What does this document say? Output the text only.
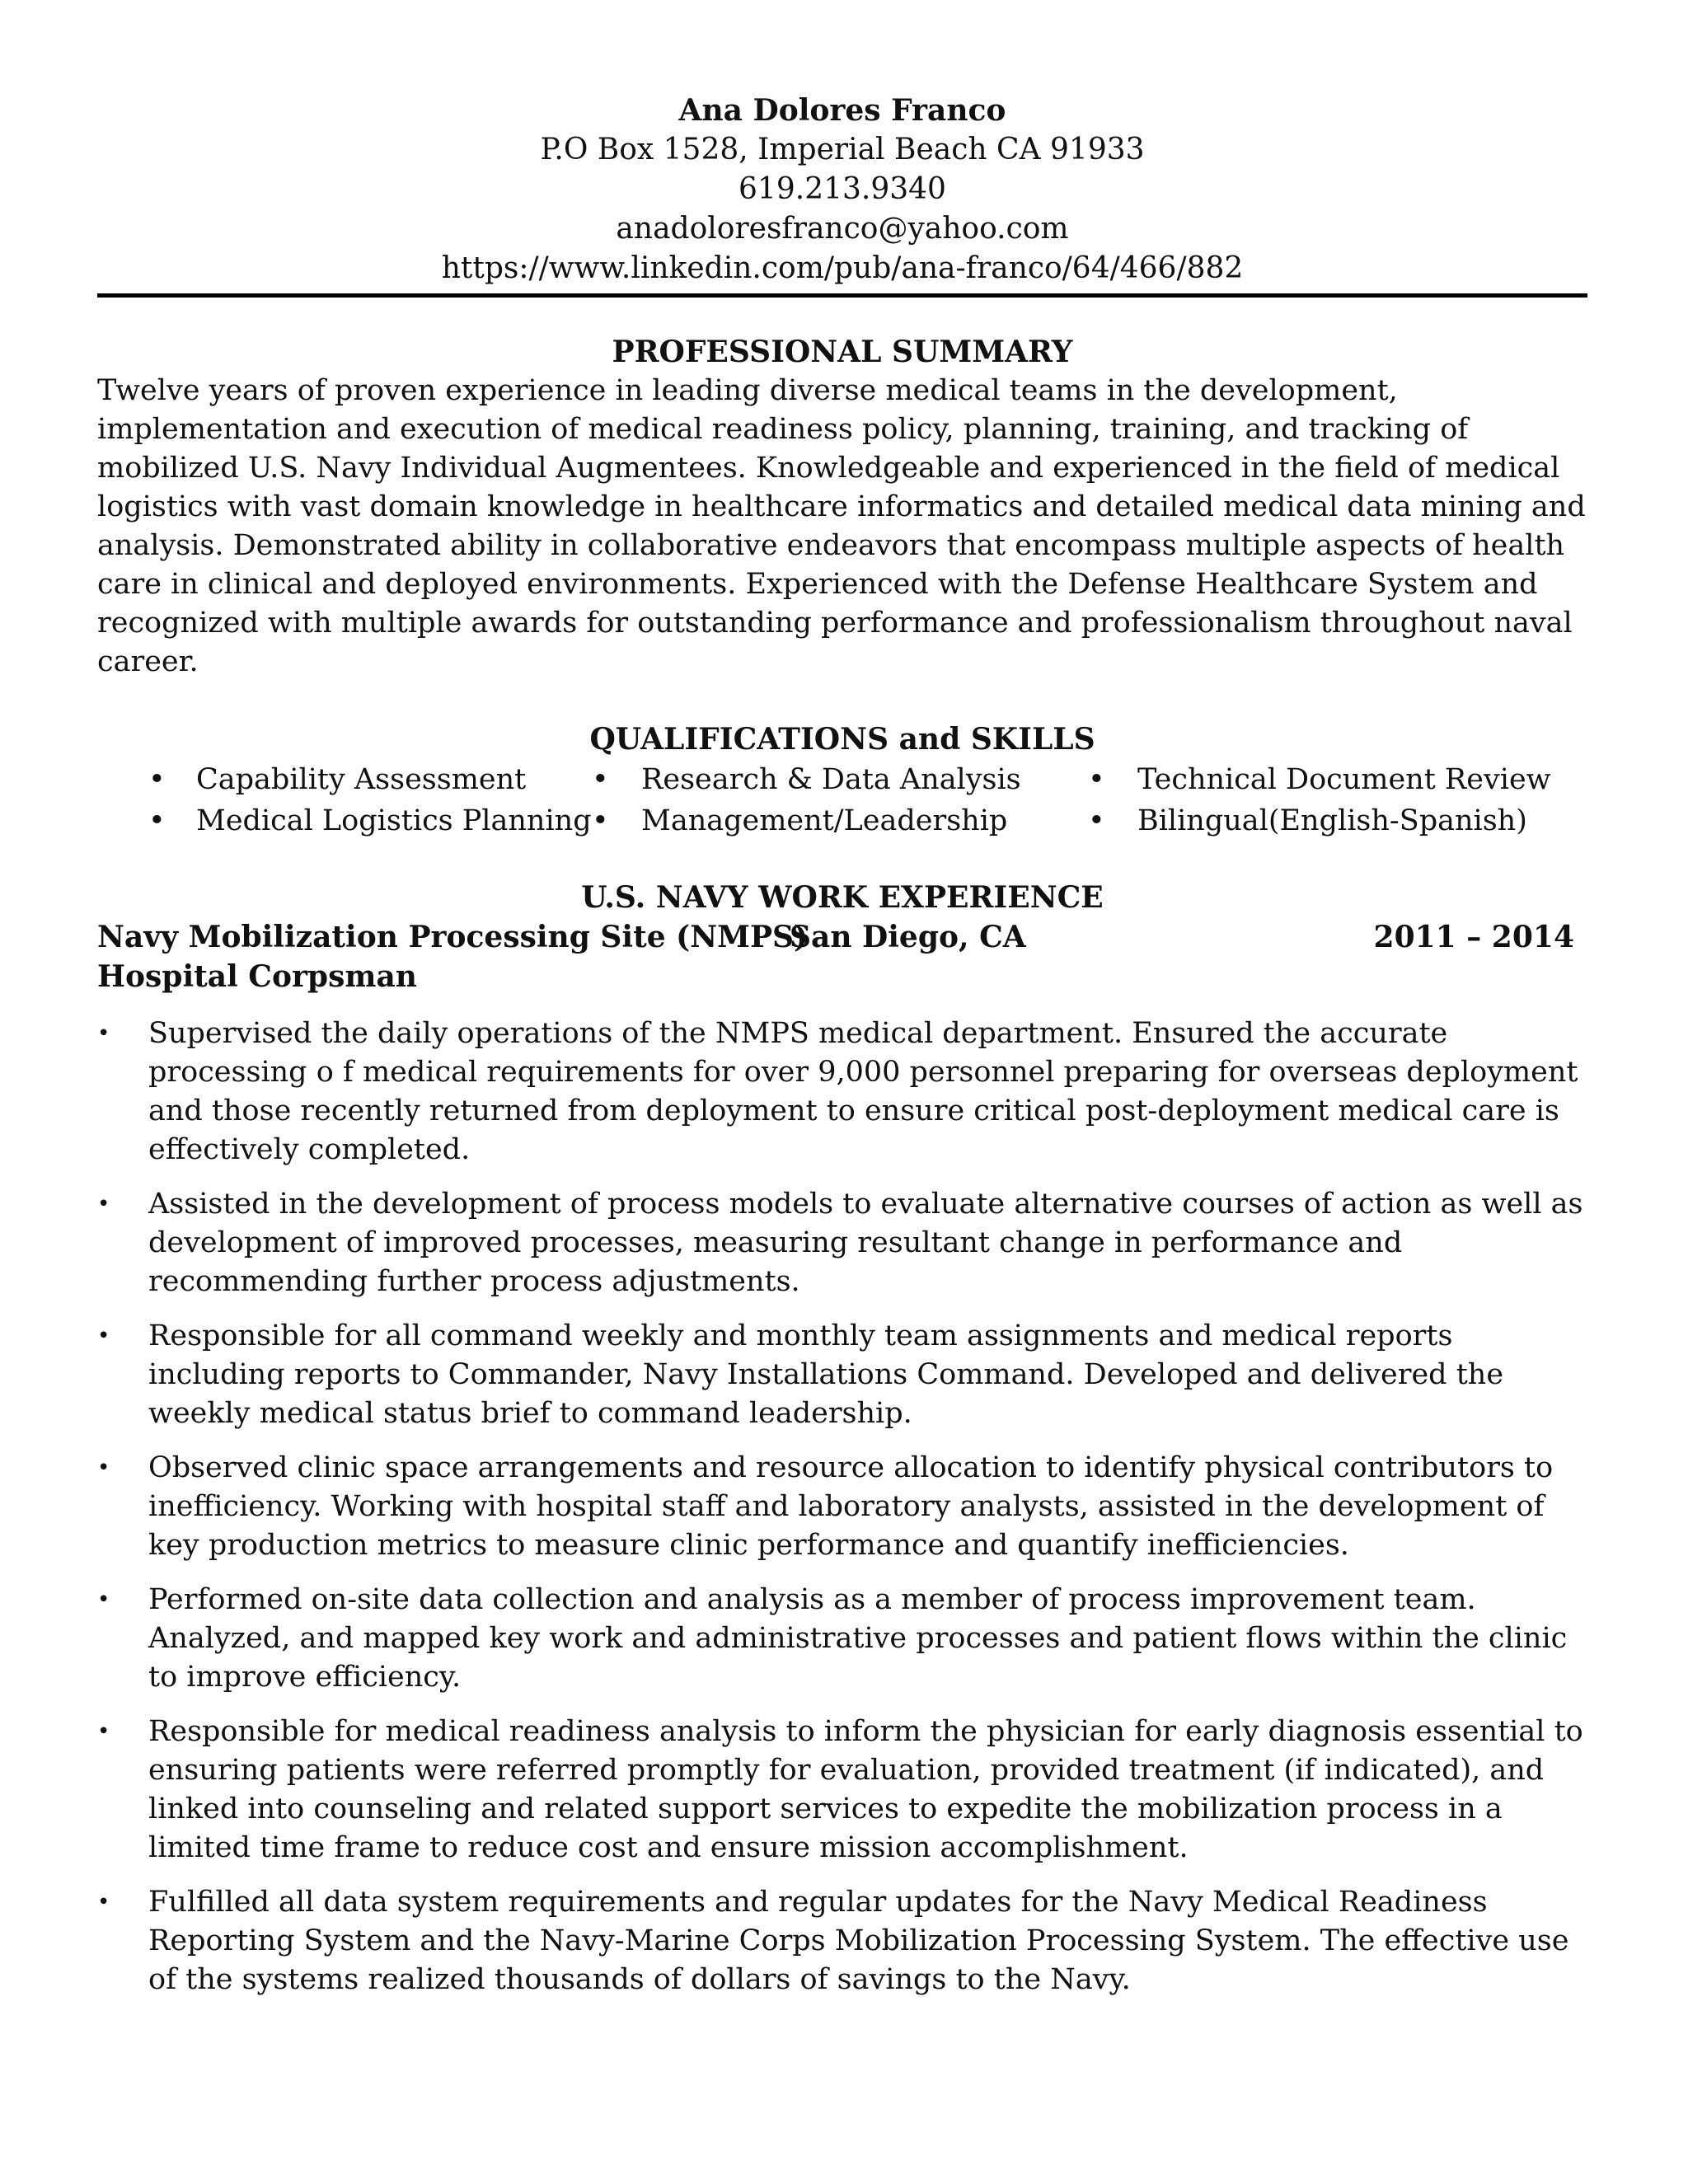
Ana Dolores Franco
P.O Box 1528, Imperial Beach CA 91933
619.213.9340
anadoloresfranco@yahoo.com
https://www.linkedin.com/pub/ana-franco/64/466/882
PROFESSIONAL SUMMARY

Twelve years of proven experience in leading diverse medical teams in the development, implementation and execution of medical readiness policy, planning, training, and tracking of mobilized U.S. Navy Individual Augmentees. Knowledgeable and experienced in the field of medical logistics with vast domain knowledge in healthcare informatics and detailed medical data mining and analysis. Demonstrated ability in collaborative endeavors that encompass multiple aspects of health care in clinical and deployed environments. Experienced with the Defense Healthcare System and recognized with multiple awards for outstanding performance and professionalism throughout naval career.

QUALIFICATIONS and SKILLS
• Capability Assessment
• Medical Logistics Planning
• Research & Data Analysis
• Management/Leadership
• Technical Document Review
• Bilingual(English-Spanish)
U.S. NAVY WORK EXPERIENCE
Navy Mobilization Processing Site (NMPS)
San Diego, CA	2011 – 2014
Hospital Corpsman
• Supervised the daily operations of the NMPS medical department. Ensured the accurate processing o f medical requirements for over 9,000 personnel preparing for overseas deployment and those recently returned from deployment to ensure critical post-deployment medical care is effectively completed.
• Assisted in the development of process models to evaluate alternative courses of action as well as development of improved processes, measuring resultant change in performance and recommending further process adjustments.
• Responsible for all command weekly and monthly team assignments and medical reports including reports to Commander, Navy Installations Command. Developed and delivered the weekly medical status brief to command leadership.
• Observed clinic space arrangements and resource allocation to identify physical contributors to inefficiency. Working with hospital staff and laboratory analysts, assisted in the development of key production metrics to measure clinic performance and quantify inefficiencies.
• Performed on-site data collection and analysis as a member of process improvement team. Analyzed, and mapped key work and administrative processes and patient flows within the clinic to improve efficiency.
• Responsible for medical readiness analysis to inform the physician for early diagnosis essential to ensuring patients were referred promptly for evaluation, provided treatment (if indicated), and linked into counseling and related support services to expedite the mobilization process in a limited time frame to reduce cost and ensure mission accomplishment.
• Fulfilled all data system requirements and regular updates for the Navy Medical Readiness Reporting System and the Navy-Marine Corps Mobilization Processing System. The effective use of the systems realized thousands of dollars of savings to the Navy.
